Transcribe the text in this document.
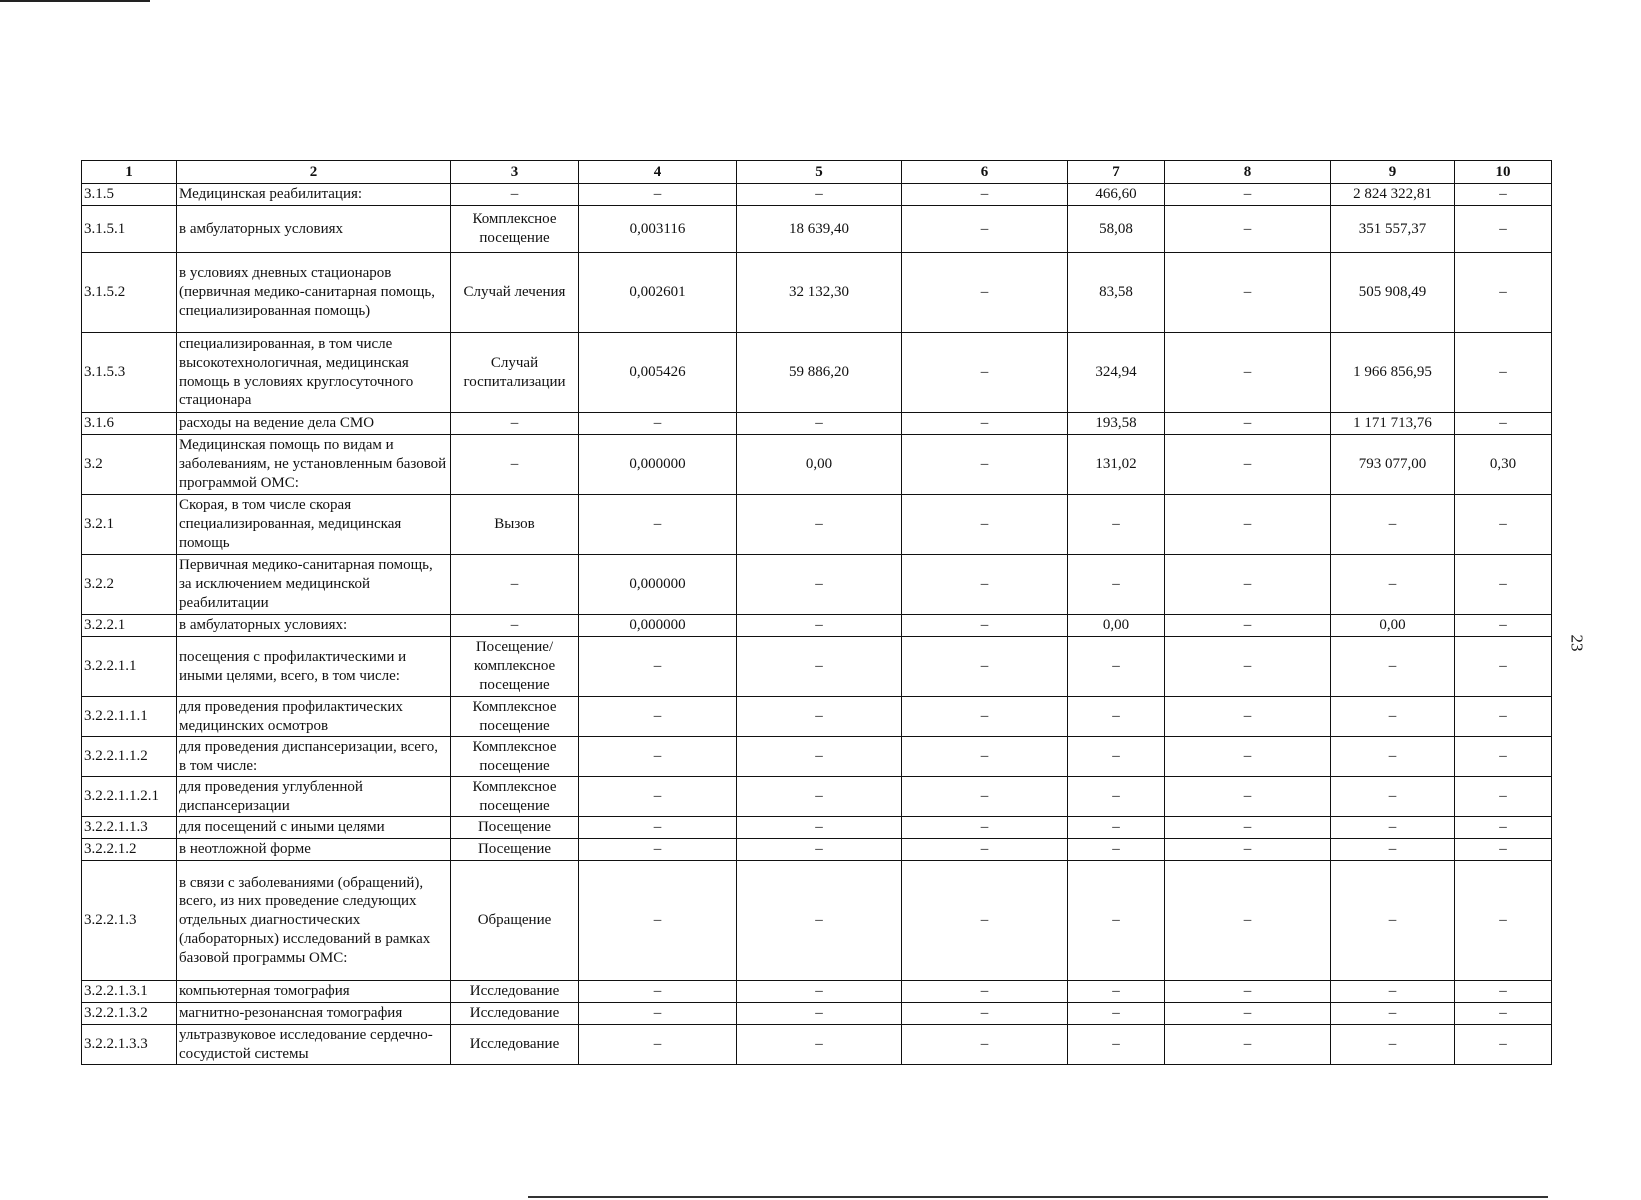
1	2	3	4	5	6	7	8	9	10
3.1.5	Медицинская реабилитация:	–	–	–	–	466,60	–	2 824 322,81	–
3.1.5.1	в амбулаторных условиях	Комплексное посещение	0,003116	18 639,40	–	58,08	–	351 557,37	–
3.1.5.2	в условиях дневных стационаров (первичная медико-санитарная помощь, специализированная помощь)	Случай лечения	0,002601	32 132,30	–	83,58	–	505 908,49	–
3.1.5.3	специализированная, в том числе высокотехнологичная, медицинская помощь в условиях круглосуточного стационара	Случай госпитализации	0,005426	59 886,20	–	324,94	–	1 966 856,95	–
3.1.6	расходы на ведение дела СМО	–	–	–	–	193,58	–	1 171 713,76	–
3.2	Медицинская помощь по видам и заболеваниям, не установленным базовой программой ОМС:	–	0,000000	0,00	–	131,02	–	793 077,00	0,30
3.2.1	Скорая, в том числе скорая специализированная, медицинская помощь	Вызов	–	–	–	–	–	–	–
3.2.2	Первичная медико-санитарная помощь, за исключением медицинской реабилитации	–	0,000000	–	–	–	–	–	–
3.2.2.1	в амбулаторных условиях:	–	0,000000	–	–	0,00	–	0,00	–
3.2.2.1.1	посещения с профилактическими и иными целями, всего, в том числе:	Посещение/ комплексное посещение	–	–	–	–	–	–	–
3.2.2.1.1.1	для проведения профилактических медицинских осмотров	Комплексное посещение	–	–	–	–	–	–	–
3.2.2.1.1.2	для проведения диспансеризации, всего, в том числе:	Комплексное посещение	–	–	–	–	–	–	–
3.2.2.1.1.2.1	для проведения углубленной диспансеризации	Комплексное посещение	–	–	–	–	–	–	–
3.2.2.1.1.3	для посещений с иными целями	Посещение	–	–	–	–	–	–	–
3.2.2.1.2	в неотложной форме	Посещение	–	–	–	–	–	–	–
3.2.2.1.3	в связи с заболеваниями (обращений), всего, из них проведение следующих отдельных диагностических (лабораторных) исследований в рамках базовой программы ОМС:	Обращение	–	–	–	–	–	–	–
3.2.2.1.3.1	компьютерная томография	Исследование	–	–	–	–	–	–	–
3.2.2.1.3.2	магнитно-резонансная томография	Исследование	–	–	–	–	–	–	–
3.2.2.1.3.3	ультразвуковое исследование сердечно-сосудистой системы	Исследование	–	–	–	–	–	–	–
23
